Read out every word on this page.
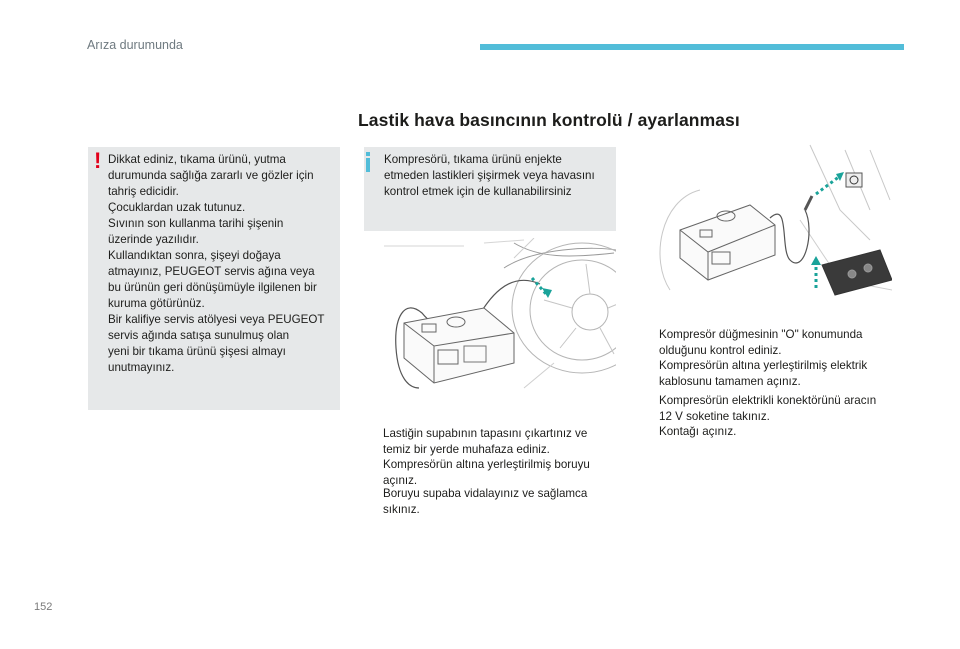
Arıza durumunda
Lastik hava basıncının kontrolü / ayarlanması
! Dikkat ediniz, tıkama ürünü, yutma
durumunda sağlığa zararlı ve gözler için
tahriş edicidir.
Çocuklardan uzak tutunuz.
Sıvının son kullanma tarihi şişenin
üzerinde yazılıdır.
Kullandıktan sonra, şişeyi doğaya
atmayınız, PEUGEOT servis ağına veya
bu ürünün geri dönüşümüyle ilgilenen bir
kuruma götürünüz.
Bir kalifiye servis atölyesi veya PEUGEOT
servis ağında satışa sunulmuş olan
yeni bir tıkama ürünü şişesi almayı
unutmayınız.
Kompresörü, tıkama ürünü enjekte
etmeden lastikleri şişirmek veya havasını
kontrol etmek için de kullanabilirsiniz
Lastiğin supabının tapasını çıkartınız ve
temiz bir yerde muhafaza ediniz.
Kompresörün altına yerleştirilmiş boruyu
açınız.
Boruyu supaba vidalayınız ve sağlamca
sıkınız.
Kompresör düğmesinin "O" konumunda
olduğunu kontrol ediniz.
Kompresörün altına yerleştirilmiş elektrik
kablosunu tamamen açınız.
Kompresörün elektrikli konektörünü aracın
12 V soketine takınız.
Kontağı açınız.
152
